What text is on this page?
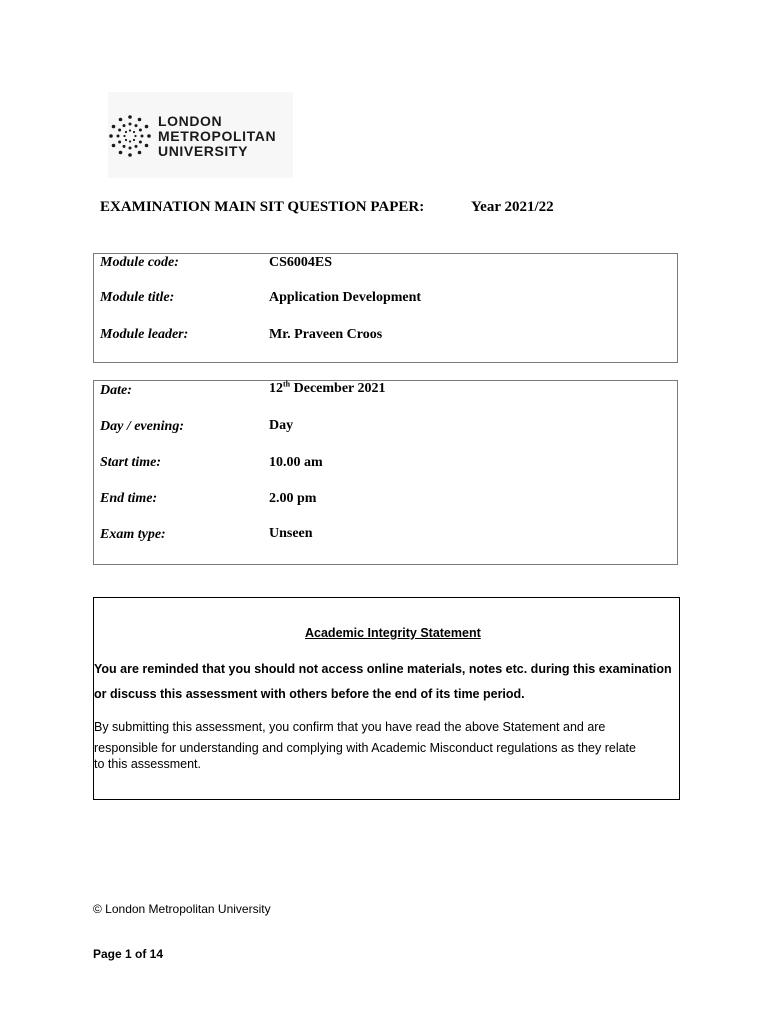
LONDON
METROPOLITAN
UNIVERSITY
EXAMINATION MAIN SIT QUESTION PAPER:	Year 2021/22
Module code:	CS6004ES
Module title:	Application Development
Module leader:	Mr. Praveen Croos
Date:	12th December 2021
Day / evening:	Day
Start time:	10.00 am
End time:	2.00 pm
Exam type:	Unseen
Academic Integrity Statement
You are reminded that you should not access online materials, notes etc. during this examination or discuss this assessment with others before the end of its time period.
By submitting this assessment, you confirm that you have read the above Statement and are
responsible for understanding and complying with Academic Misconduct regulations as they relate
to this assessment.
© London Metropolitan University
Page 1 of 14
